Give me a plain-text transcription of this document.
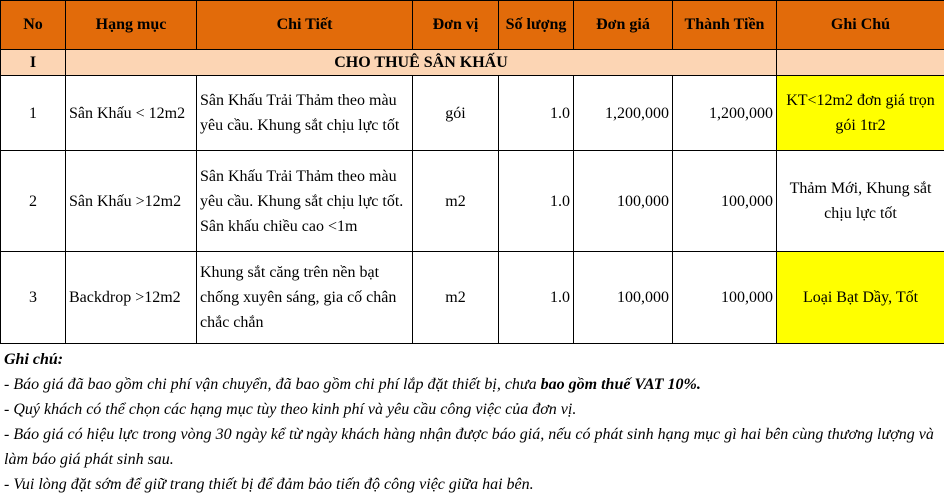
No	Hạng mục	Chi Tiết	Đơn vị	Số lượng	Đơn giá	Thành Tiền	Ghi Chú
I	CHO THUÊ SÂN KHẤU						
1	Sân Khấu < 12m2	Sân Khấu Trải Thảm theo màu yêu cầu. Khung sắt chịu lực tốt	gói	1.0	1,200,000	1,200,000	KT<12m2 đơn giá trọn gói 1tr2
2	Sân Khấu >12m2	Sân Khấu Trải Thảm theo màu yêu cầu. Khung sắt chịu lực tốt. Sân khấu chiều cao <1m	m2	1.0	100,000	100,000	Thảm Mới, Khung sắt chịu lực tốt
3	Backdrop >12m2	Khung sắt căng trên nền bạt chống xuyên sáng, gia cố chân chắc chắn	m2	1.0	100,000	100,000	Loại Bạt Dầy, Tốt
Ghi chú:
- Báo giá đã bao gồm chi phí vận chuyển, đã bao gồm chi phí lắp đặt thiết bị, chưa bao gồm thuế VAT 10%.
- Quý khách có thể chọn các hạng mục tùy theo kinh phí và yêu cầu công việc của đơn vị.
- Báo giá có hiệu lực trong vòng 30 ngày kể từ ngày khách hàng nhận được báo giá, nếu có phát sinh hạng mục gì hai bên cùng thương lượng và làm báo giá phát sinh sau.
- Vui lòng đặt sớm để giữ trang thiết bị để đảm bảo tiến độ công việc giữa hai bên.
